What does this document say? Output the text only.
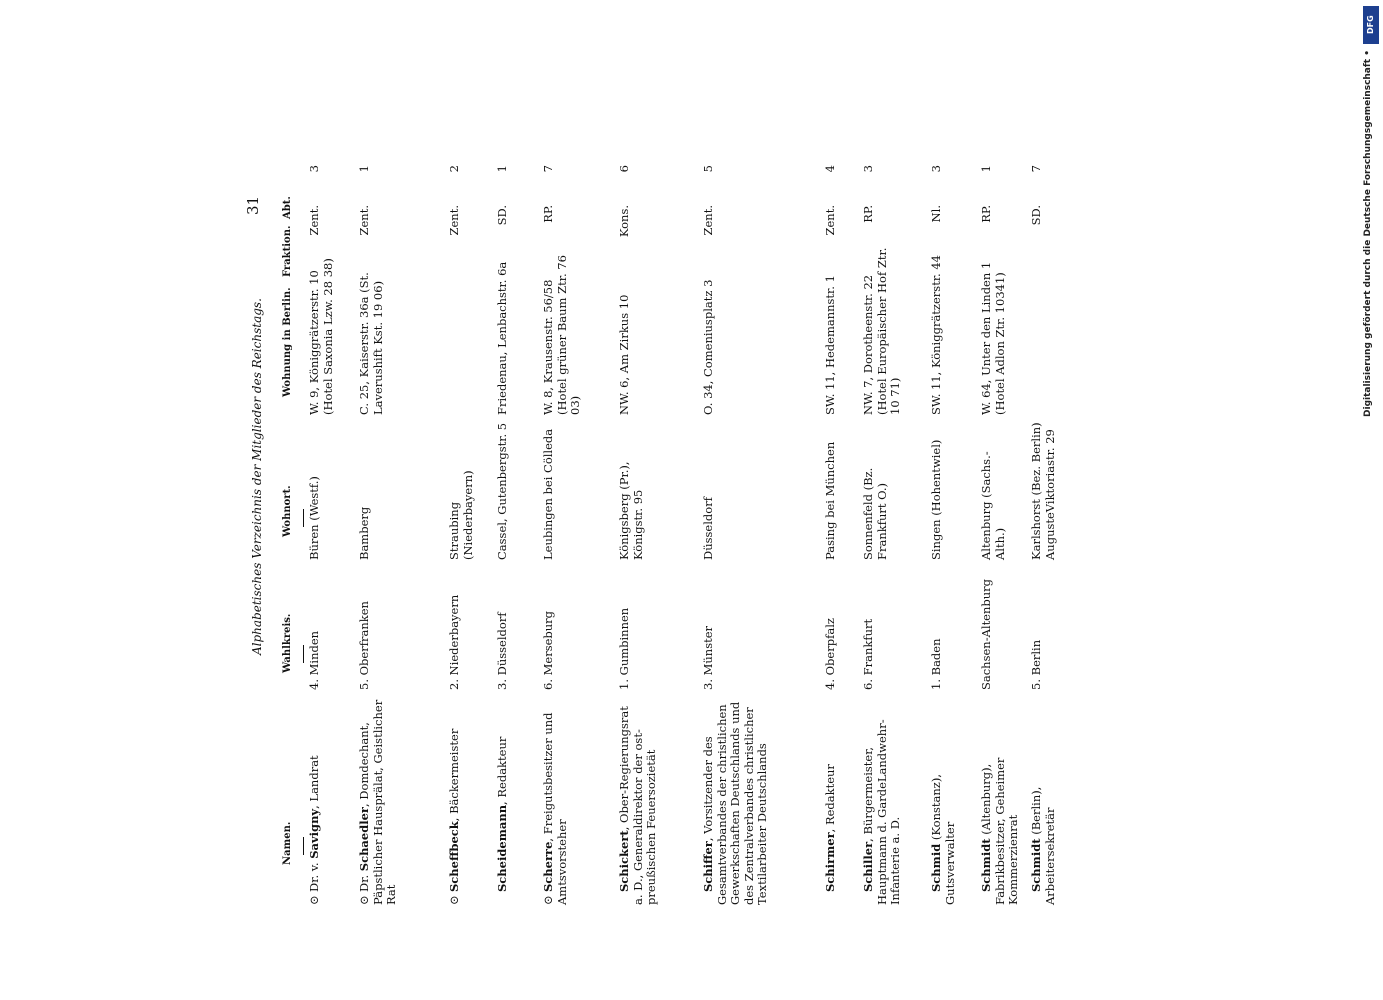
Alphabetisches Verzeichnis der Mitglieder des Reichstags.
31
Namen.
Wahlkreis.
Wohnort.
Wohnung in Berlin.
Fraktion.
Abt.
⊙Dr. v. Savigny, Landrat
4. Minden
Büren (Westf.)
W. 9, Königgrätzerstr. 10 (Hotel Saxonia Lzw. 28 38)
Zent.
3
⊙Dr. Schaedler, Domdechant, Päpstlicher Hausprälat, Geistlicher Rat
5. Oberfranken
Bamberg
C. 25, Kaiserstr. 36a (St. Laverushift Kst. 19 06)
Zent.
1
⊙Scheffbeck, Bäckermeister
2. Niederbayern
Straubing (Niederbayern)
Zent.
2
Scheidemann, Redakteur
3. Düsseldorf
Cassel, Gutenbergstr. 5
Friedenau, Lenbachstr. 6a
SD.
1
⊙Scherre, Freigutsbesitzer und Amtsvorsteher
6. Merseburg
Leubingen bei Cölleda
W. 8, Krausenstr. 56/58 (Hotel grüner Baum Ztr. 76 03)
RP.
7
Schickert, Ober-Regierungsrat a. D., Generaldirektor der ostpreußischen Feuersozietät
1. Gumbinnen
Königsberg (Pr.), Königstr. 95
NW. 6, Am Zirkus 10
Kons.
6
Schiffer, Vorsitzender des Gesamtverbandes der christlichen Gewerkschaften Deutschlands und des Zentralverbandes christlicher Textilarbeiter Deutschlands
3. Münster
Düsseldorf
O. 34, Comeniusplatz 3
Zent.
5
Schirmer, Redakteur
4. Oberpfalz
Pasing bei München
SW. 11, Hedemannstr. 1
Zent.
4
Schiller, Bürgermeister, Hauptmann d. GardeLandwehr-Infanterie a. D.
6. Frankfurt
Sonnenfeld (Bz. Frankfurt O.)
NW. 7, Dorotheenstr. 22 (Hotel Europäischer Hof Ztr. 10 71)
RP.
3
Schmid (Konstanz), Gutsverwalter
1. Baden
Singen (Hohentwiel)
SW. 11, Königgrätzerstr. 44
Nl.
3
Schmidt (Altenburg), Fabrikbesitzer, Geheimer Kommerzienrat
Sachsen-Altenburg
Altenburg (Sachs.-Alth.)
W. 64, Unter den Linden 1 (Hotel Adlon Ztr. 10341)
RP.
1
Schmidt (Berlin), Arbeitersekretär
5. Berlin
Karlshorst (Bez. Berlin) AugusteViktoriastr. 29
SD.
7
DFG
Digitalisierung gefördert durch die Deutsche Forschungsgemeinschaft •
